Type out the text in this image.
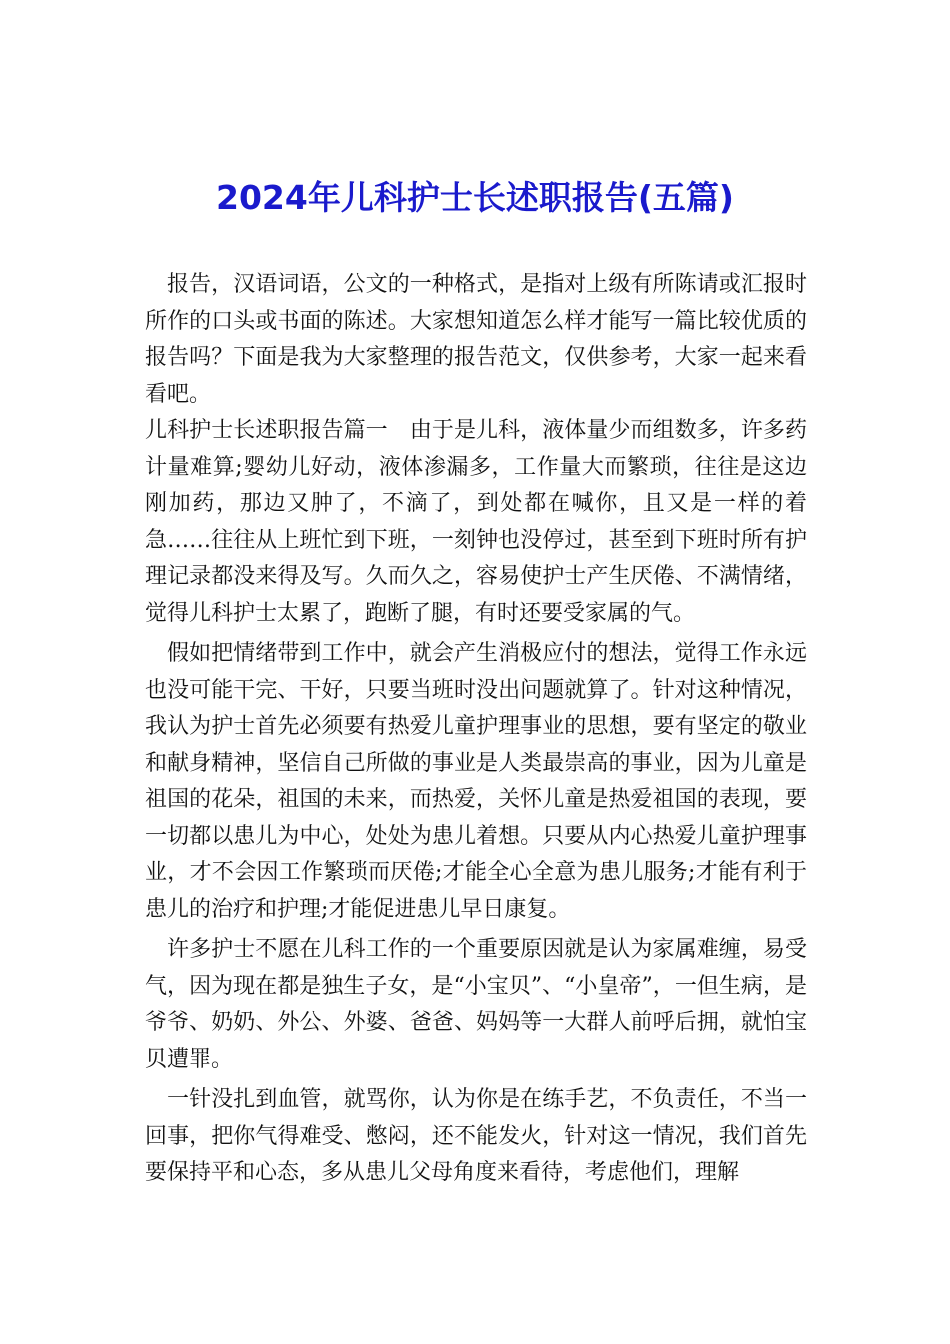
2024年儿科护士长述职报告(五篇)

报告，汉语词语，公文的一种格式，是指对上级有所陈请或汇报时所作的口头或书面的陈述。大家想知道怎么样才能写一篇比较优质的报告吗？下面是我为大家整理的报告范文，仅供参考，大家一起来看看吧。

儿科护士长述职报告篇一　由于是儿科，液体量少而组数多，许多药计量难算;婴幼儿好动，液体渗漏多，工作量大而繁琐，往往是这边刚加药，那边又肿了，不滴了，到处都在喊你，且又是一样的着急……往往从上班忙到下班，一刻钟也没停过，甚至到下班时所有护理记录都没来得及写。久而久之，容易使护士产生厌倦、不满情绪，觉得儿科护士太累了，跑断了腿，有时还要受家属的气。

假如把情绪带到工作中，就会产生消极应付的想法，觉得工作永远也没可能干完、干好，只要当班时没出问题就算了。针对这种情况，我认为护士首先必须要有热爱儿童护理事业的思想，要有坚定的敬业和献身精神，坚信自己所做的事业是人类最崇高的事业，因为儿童是祖国的花朵，祖国的未来，而热爱，关怀儿童是热爱祖国的表现，要一切都以患儿为中心，处处为患儿着想。只要从内心热爱儿童护理事业，才不会因工作繁琐而厌倦;才能全心全意为患儿服务;才能有利于患儿的治疗和护理;才能促进患儿早日康复。

许多护士不愿在儿科工作的一个重要原因就是认为家属难缠，易受气，因为现在都是独生子女，是“小宝贝”、“小皇帝”，一但生病，是爷爷、奶奶、外公、外婆、爸爸、妈妈等一大群人前呼后拥，就怕宝贝遭罪。

一针没扎到血管，就骂你，认为你是在练手艺，不负责任，不当一回事，把你气得难受、憋闷，还不能发火，针对这一情况，我们首先要保持平和心态，多从患儿父母角度来看待，考虑他们，理解
